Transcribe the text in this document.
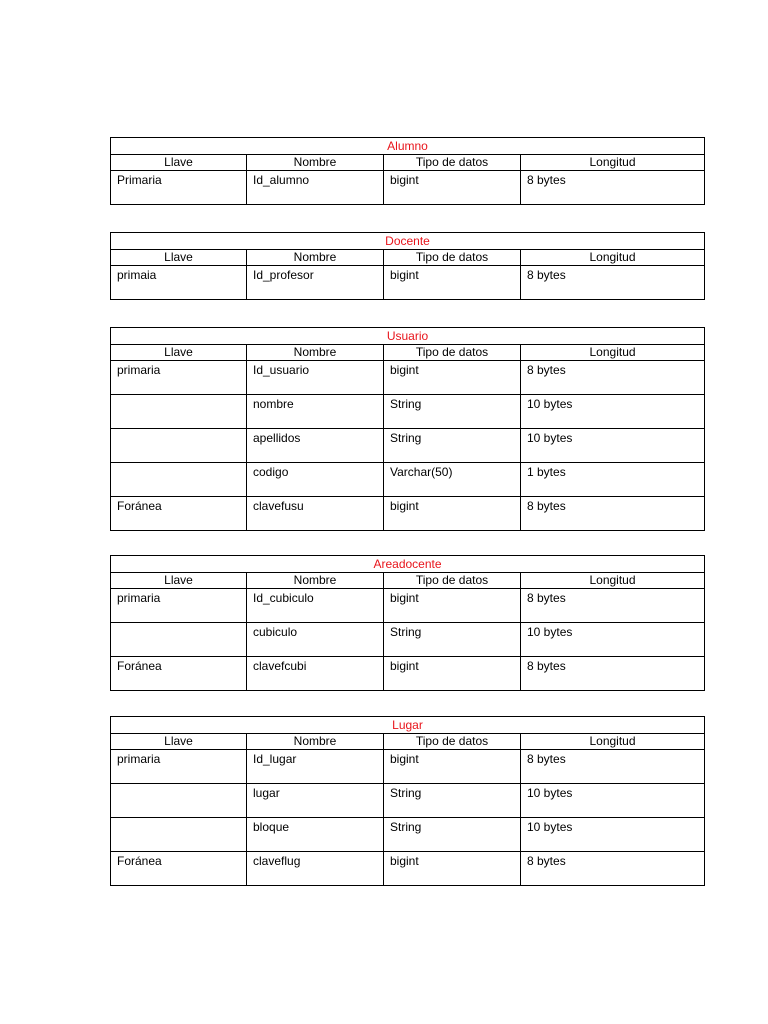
Alumno			
Llave	Nombre	Tipo de datos	Longitud
Primaria	Id_alumno	bigint	8 bytes
Docente			
Llave	Nombre	Tipo de datos	Longitud
primaia	Id_profesor	bigint	8 bytes
Usuario			
Llave	Nombre	Tipo de datos	Longitud
primaria	Id_usuario	bigint	8 bytes
	nombre	String	10 bytes
	apellidos	String	10 bytes
	codigo	Varchar(50)	1 bytes
Foránea	clavefusu	bigint	8 bytes
Areadocente			
Llave	Nombre	Tipo de datos	Longitud
primaria	Id_cubiculo	bigint	8 bytes
	cubiculo	String	10 bytes
Foránea	clavefcubi	bigint	8 bytes
Lugar			
Llave	Nombre	Tipo de datos	Longitud
primaria	Id_lugar	bigint	8 bytes
	lugar	String	10 bytes
	bloque	String	10 bytes
Foránea	claveflug	bigint	8 bytes
